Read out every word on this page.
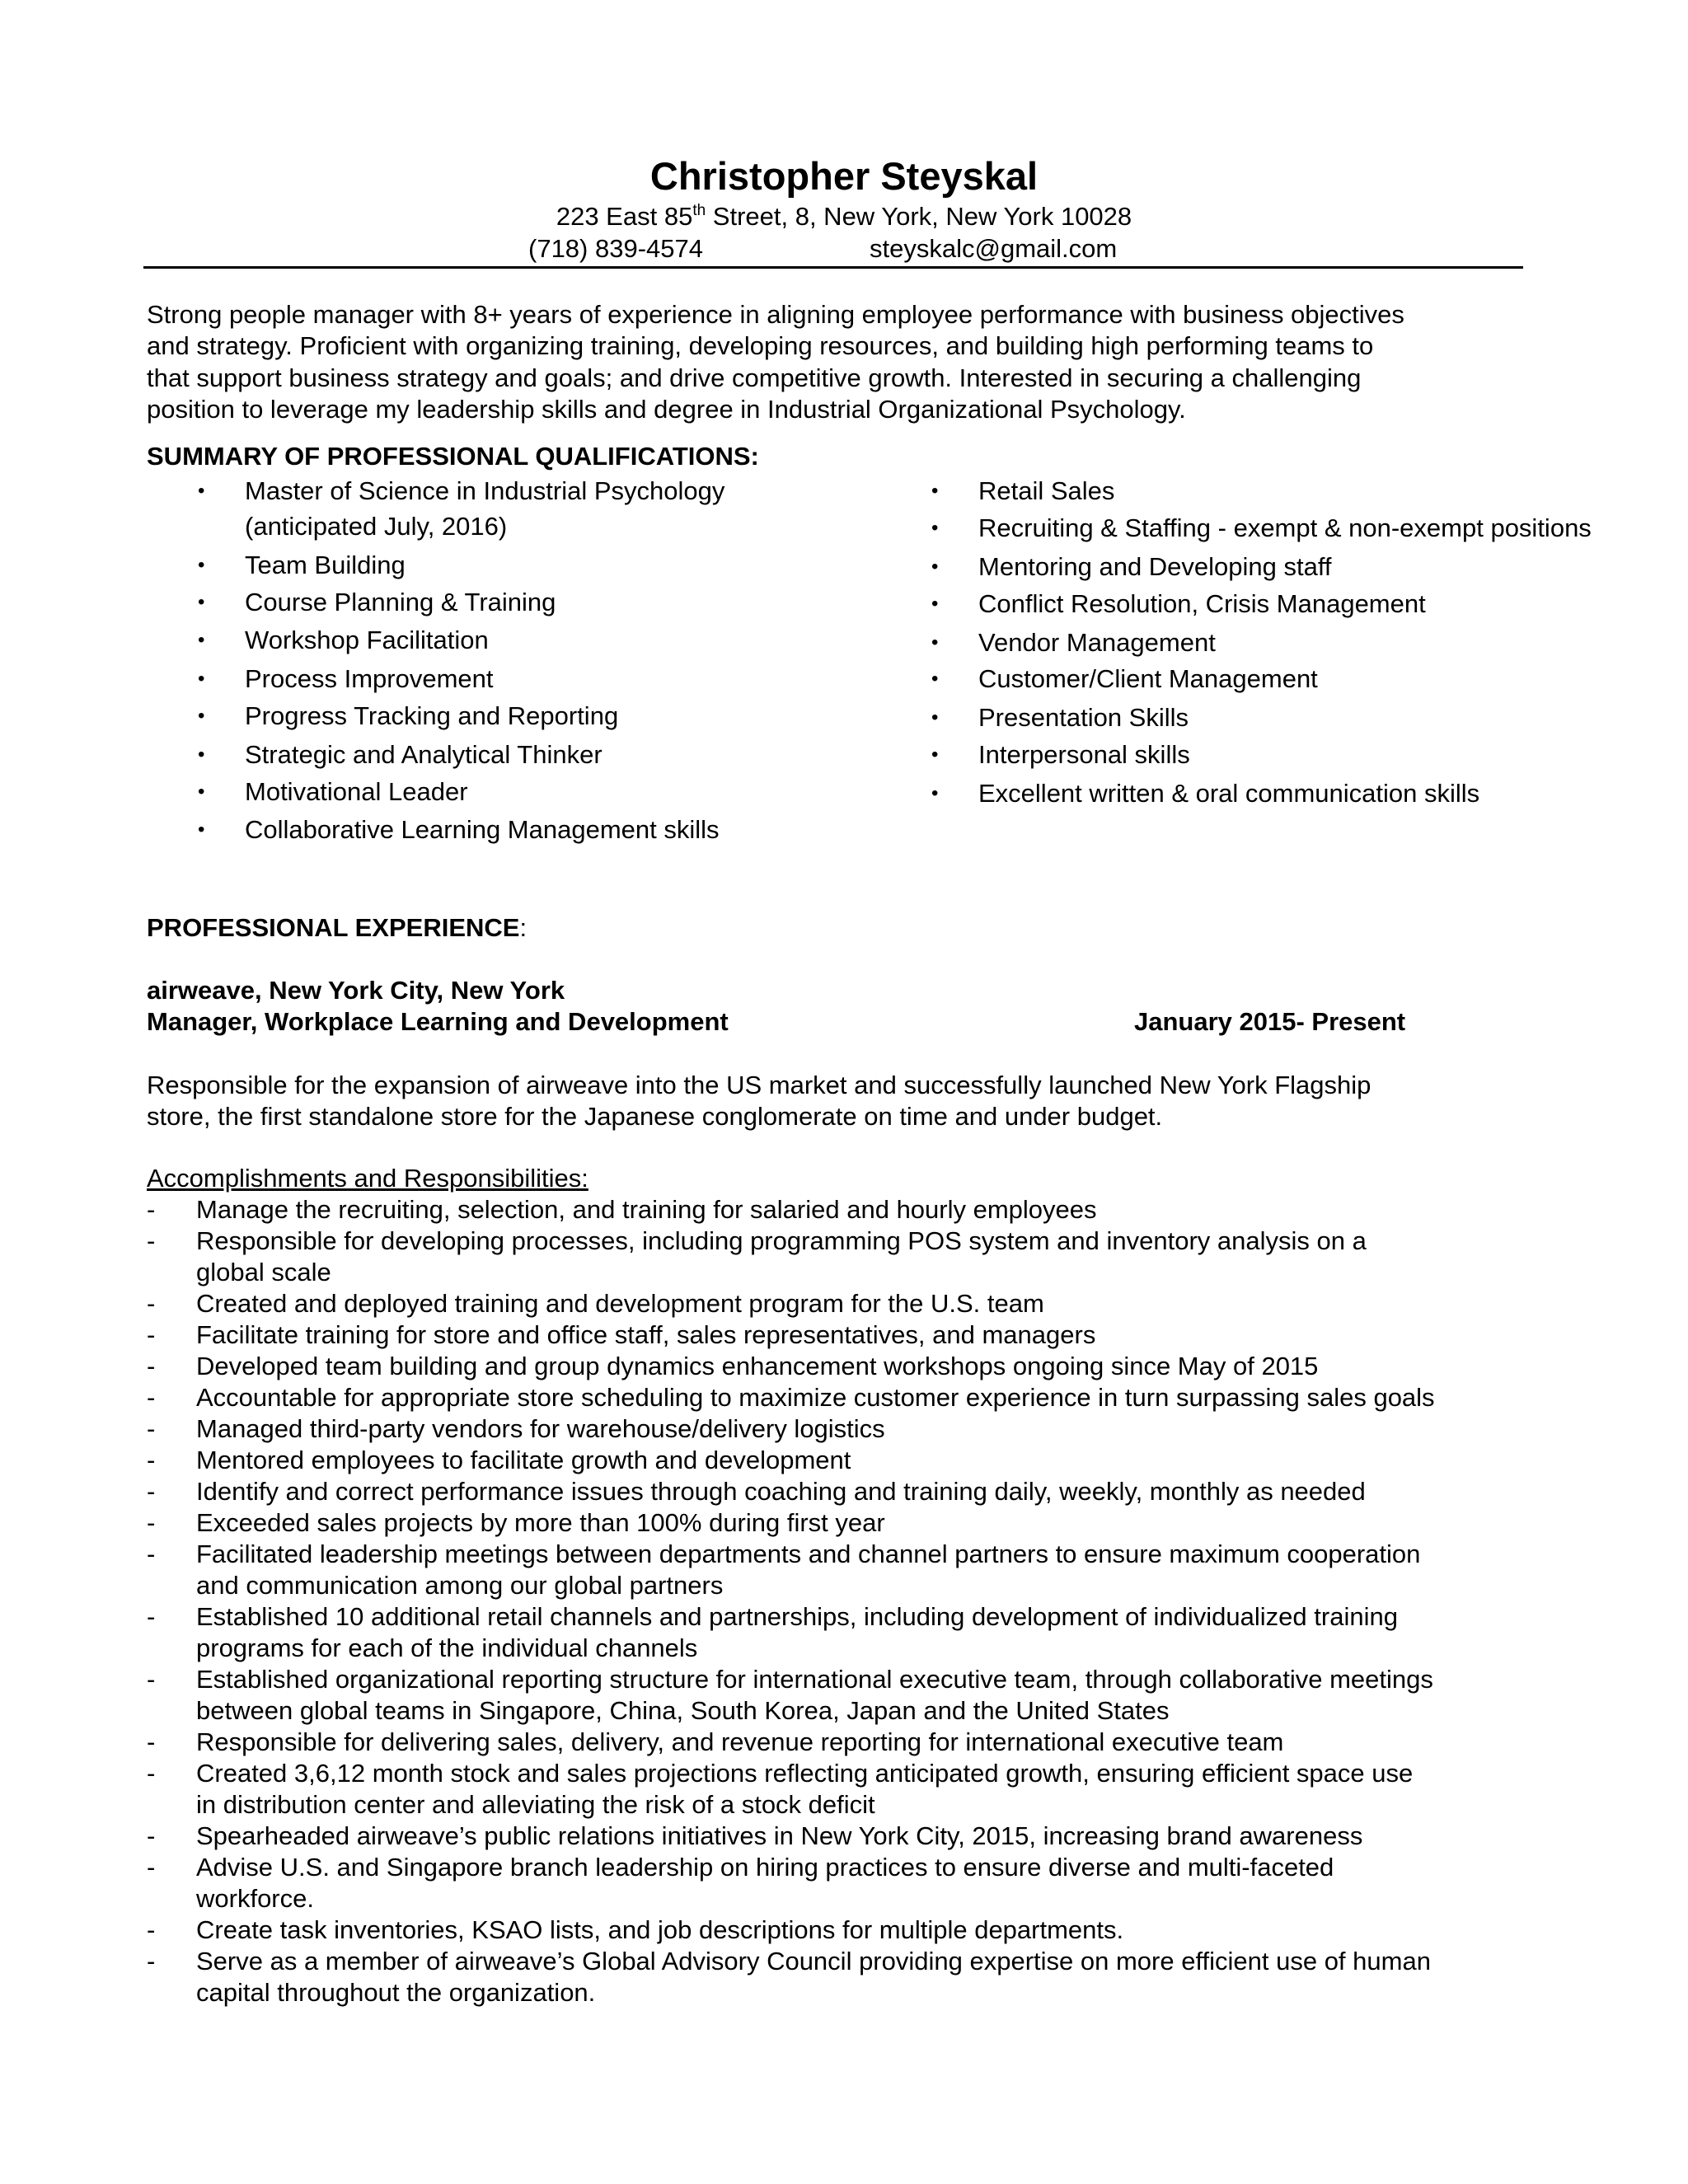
Christopher Steyskal
223 East 85th Street, 8, New York, New York 10028
(718) 839-4574	steyskalc@gmail.com
Strong people manager with 8+ years of experience in aligning employee performance with business objectives
and strategy. Proficient with organizing training, developing resources, and building high performing teams to
that support business strategy and goals; and drive competitive growth. Interested in securing a challenging
position to leverage my leadership skills and degree in Industrial Organizational Psychology.
SUMMARY OF PROFESSIONAL QUALIFICATIONS:
• Master of Science in Industrial Psychology
(anticipated July, 2016)
• Team Building
• Course Planning & Training
• Workshop Facilitation
• Process Improvement
• Progress Tracking and Reporting
• Strategic and Analytical Thinker
• Motivational Leader
• Collaborative Learning Management skills
• Retail Sales
• Recruiting & Staffing - exempt & non-exempt positions
• Mentoring and Developing staff
• Conflict Resolution, Crisis Management
• Vendor Management
• Customer/Client Management
• Presentation Skills
• Interpersonal skills
• Excellent written & oral communication skills
PROFESSIONAL EXPERIENCE:
airweave, New York City, New York
Manager, Workplace Learning and Development	January 2015- Present
Responsible for the expansion of airweave into the US market and successfully launched New York Flagship
store, the first standalone store for the Japanese conglomerate on time and under budget.
Accomplishments and Responsibilities:
- Manage the recruiting, selection, and training for salaried and hourly employees
- Responsible for developing processes, including programming POS system and inventory analysis on a
global scale
- Created and deployed training and development program for the U.S. team
- Facilitate training for store and office staff, sales representatives, and managers
- Developed team building and group dynamics enhancement workshops ongoing since May of 2015
- Accountable for appropriate store scheduling to maximize customer experience in turn surpassing sales goals
- Managed third-party vendors for warehouse/delivery logistics
- Mentored employees to facilitate growth and development
- Identify and correct performance issues through coaching and training daily, weekly, monthly as needed
- Exceeded sales projects by more than 100% during first year
- Facilitated leadership meetings between departments and channel partners to ensure maximum cooperation
and communication among our global partners
- Established 10 additional retail channels and partnerships, including development of individualized training
programs for each of the individual channels
- Established organizational reporting structure for international executive team, through collaborative meetings
between global teams in Singapore, China, South Korea, Japan and the United States
- Responsible for delivering sales, delivery, and revenue reporting for international executive team
- Created 3,6,12 month stock and sales projections reflecting anticipated growth, ensuring efficient space use
in distribution center and alleviating the risk of a stock deficit
- Spearheaded airweave’s public relations initiatives in New York City, 2015, increasing brand awareness
- Advise U.S. and Singapore branch leadership on hiring practices to ensure diverse and multi-faceted
workforce.
- Create task inventories, KSAO lists, and job descriptions for multiple departments.
- Serve as a member of airweave’s Global Advisory Council providing expertise on more efficient use of human
capital throughout the organization.
